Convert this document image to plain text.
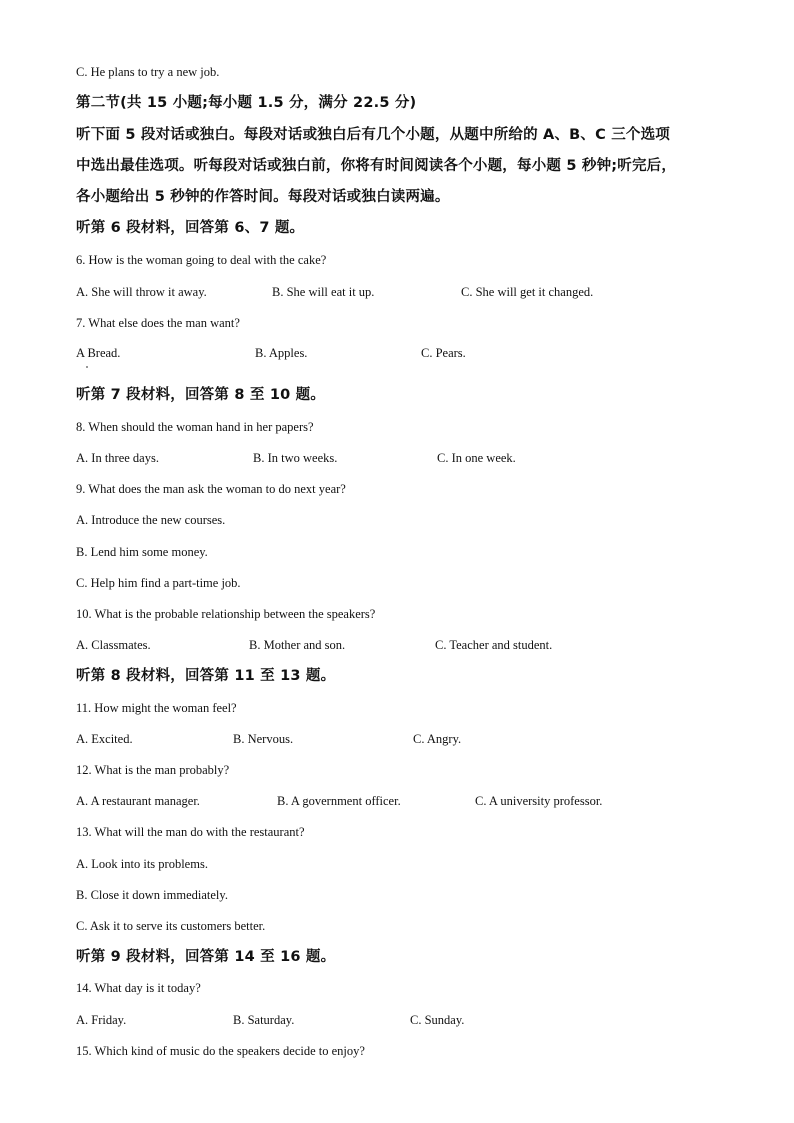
C. He plans to try a new job.
第二节(共 15 小题;每小题 1.5 分，满分 22.5 分)
听下面 5 段对话或独白。每段对话或独白后有几个小题，从题中所给的 A、B、C 三个选项
中选出最佳选项。听每段对话或独白前，你将有时间阅读各个小题，每小题 5 秒钟;听完后，
各小题给出 5 秒钟的作答时间。每段对话或独白读两遍。
听第 6 段材料，回答第 6、7 题。
6. How is the woman going to deal with the cake?
A. She will throw it away.	B. She will eat it up.	C. She will get it changed.
7. What else does the man want?
A Bread.	B. Apples.	C. Pears.
听第 7 段材料，回答第 8 至 10 题。
8. When should the woman hand in her papers?
A. In three days.	B. In two weeks.	C. In one week.
9. What does the man ask the woman to do next year?
A. Introduce the new courses.
B. Lend him some money.
C. Help him find a part-time job.
10. What is the probable relationship between the speakers?
A. Classmates.	B. Mother and son.	C. Teacher and student.
听第 8 段材料，回答第 11 至 13 题。
11. How might the woman feel?
A. Excited.	B. Nervous.	C. Angry.
12. What is the man probably?
A. A restaurant manager.	B. A government officer.	C. A university professor.
13. What will the man do with the restaurant?
A. Look into its problems.
B. Close it down immediately.
C. Ask it to serve its customers better.
听第 9 段材料，回答第 14 至 16 题。
14. What day is it today?
A. Friday.	B. Saturday.	C. Sunday.
15. Which kind of music do the speakers decide to enjoy?
